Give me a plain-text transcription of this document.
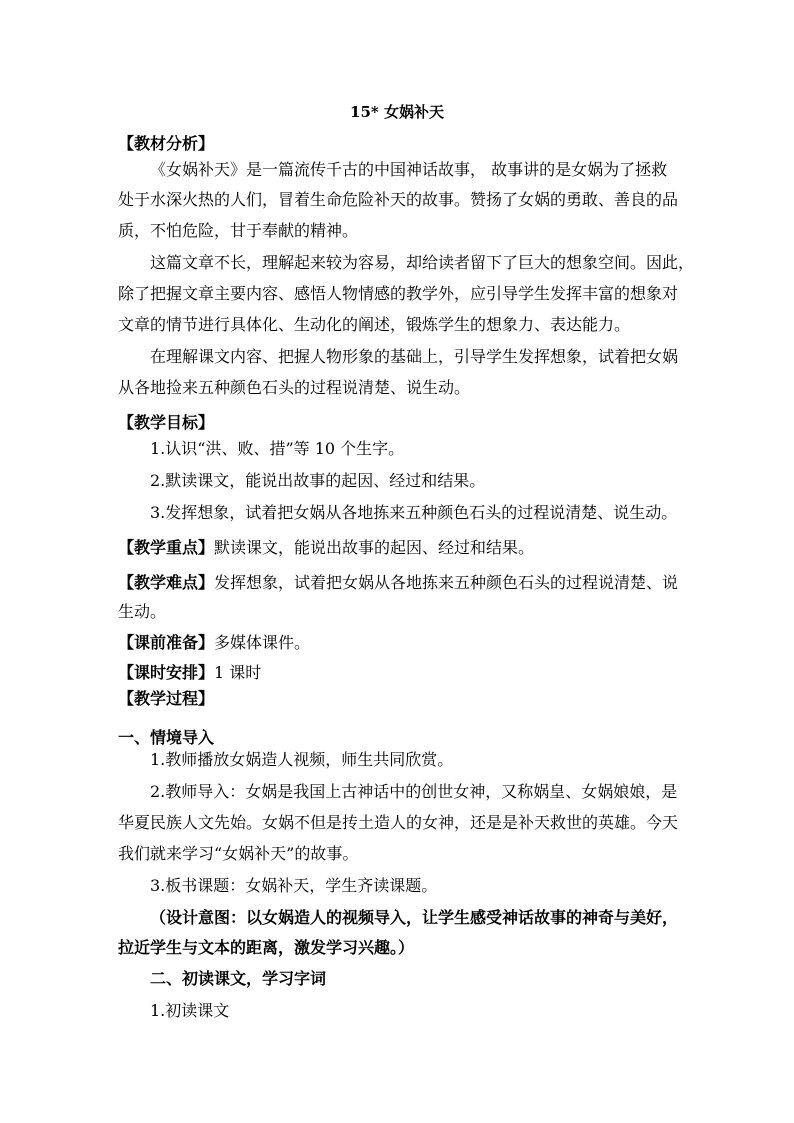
15* 女娲补天
【教材分析】
《女娲补天》是一篇流传千古的中国神话故事， 故事讲的是女娲为了拯救
处于水深火热的人们，冒着生命危险补天的故事。赞扬了女娲的勇敢、善良的品
质，不怕危险，甘于奉献的精神。
这篇文章不长，理解起来较为容易，却给读者留下了巨大的想象空间。因此，
除了把握文章主要内容、感悟人物情感的教学外，应引导学生发挥丰富的想象对
文章的情节进行具体化、生动化的阐述，锻炼学生的想象力、表达能力。
在理解课文内容、把握人物形象的基础上，引导学生发挥想象，试着把女娲
从各地捡来五种颜色石头的过程说清楚、说生动。
【教学目标】
1.认识“洪、败、措”等 10 个生字。
2.默读课文，能说出故事的起因、经过和结果。
3.发挥想象，试着把女娲从各地拣来五种颜色石头的过程说清楚、说生动。
【教学重点】默读课文，能说出故事的起因、经过和结果。
【教学难点】发挥想象，试着把女娲从各地拣来五种颜色石头的过程说清楚、说
生动。
【课前准备】多媒体课件。
【课时安排】1 课时
【教学过程】
一、情境导入
1.教师播放女娲造人视频，师生共同欣赏。
2.教师导入：女娲是我国上古神话中的创世女神，又称娲皇、女娲娘娘，是
华夏民族人文先始。女娲不但是抟土造人的女神，还是是补天救世的英雄。今天
我们就来学习“女娲补天”的故事。
3.板书课题：女娲补天，学生齐读课题。
（设计意图：以女娲造人的视频导入，让学生感受神话故事的神奇与美好，
拉近学生与文本的距离，激发学习兴趣。）
二、初读课文，学习字词
1.初读课文
